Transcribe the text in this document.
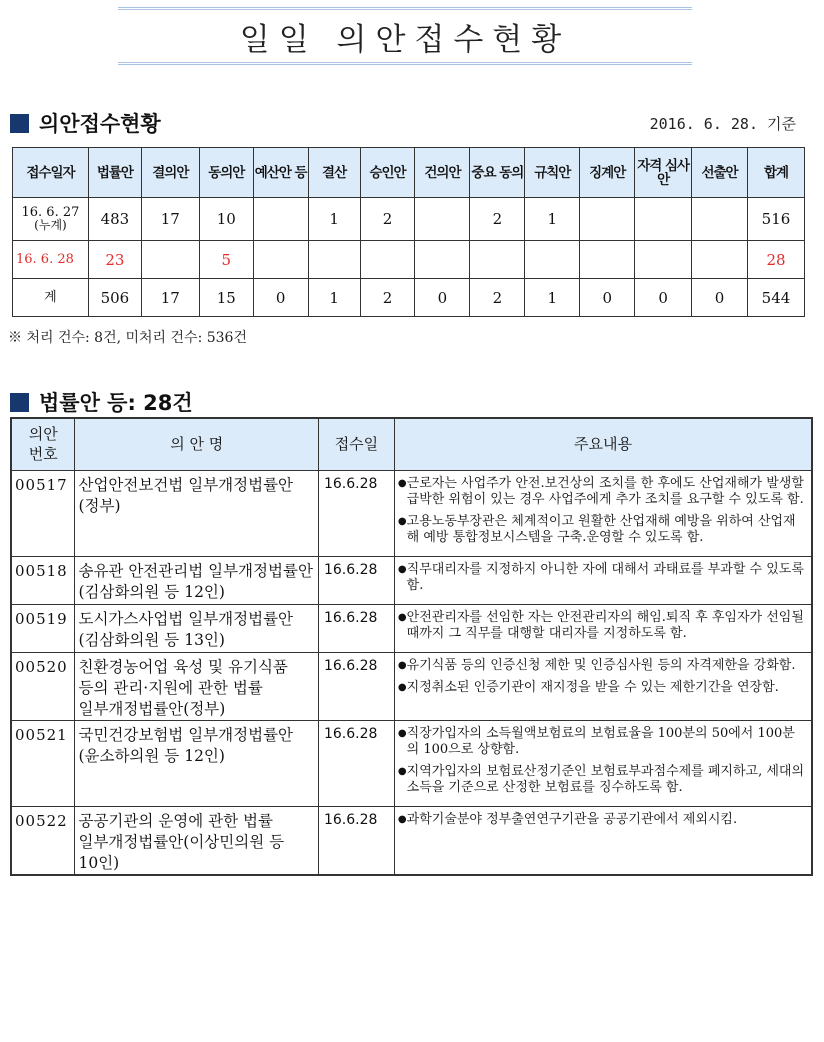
일일 의안접수현황
의안접수현황	2016. 6. 28. 기준
접수일자	법률안	결의안	동의안	예산안 등	결산	승인안	건의안	중요 동의	규칙안	징계안	자격 심사안	선출안	합계
16. 6. 27
(누계)	483	17	10		1	2		2	1				516
16. 6. 28	23		5										28
계	506	17	15	0	1	2	0	2	1	0	0	0	544
※ 처리 건수: 8건, 미처리 건수: 536건
법률안 등: 28건
의안
번호	의 안 명	접수일	주요내용
00517	산업안전보건법 일부개정법률안(정부)	16.6.28	● 근로자는 사업주가 안전.보건상의 조치를 한 후에도 산업재해가 발생할 급박한 위험이 있는 경우 사업주에게 추가 조치를 요구할 수 있도록 함.
● 고용노동부장관은 체계적이고 원활한 산업재해 예방을 위하여 산업재해 예방 통합정보시스템을 구축.운영할 수 있도록 함.

00518	송유관 안전관리법 일부개정법률안(김삼화의원 등 12인)	16.6.28	● 직무대리자를 지정하지 아니한 자에 대해서 과태료를 부과할 수 있도록 함.

00519	도시가스사업법 일부개정법률안(김삼화의원 등 13인)	16.6.28	● 안전관리자를 선임한 자는 안전관리자의 해임.퇴직 후 후임자가 선임될 때까지 그 직무를 대행할 대리자를 지정하도록 함.

00520	친환경농어업 육성 및 유기식품 등의 관리·지원에 관한 법률 일부개정법률안(정부)	16.6.28	● 유기식품 등의 인증신청 제한 및 인증심사원 등의 자격제한을 강화함.
● 지정취소된 인증기관이 재지정을 받을 수 있는 제한기간을 연장함.

00521	국민건강보험법 일부개정법률안(윤소하의원 등 12인)	16.6.28	● 직장가입자의 소득월액보험료의 보험료율을 100분의 50에서 100분의 100으로 상향함.
● 지역가입자의 보험료산정기준인 보험료부과점수제를 폐지하고, 세대의 소득을 기준으로 산정한 보험료를 징수하도록 함.

00522	공공기관의 운영에 관한 법률 일부개정법률안(이상민의원 등 10인)	16.6.28	● 과학기술분야 정부출연연구기관을 공공기관에서 제외시킴.
